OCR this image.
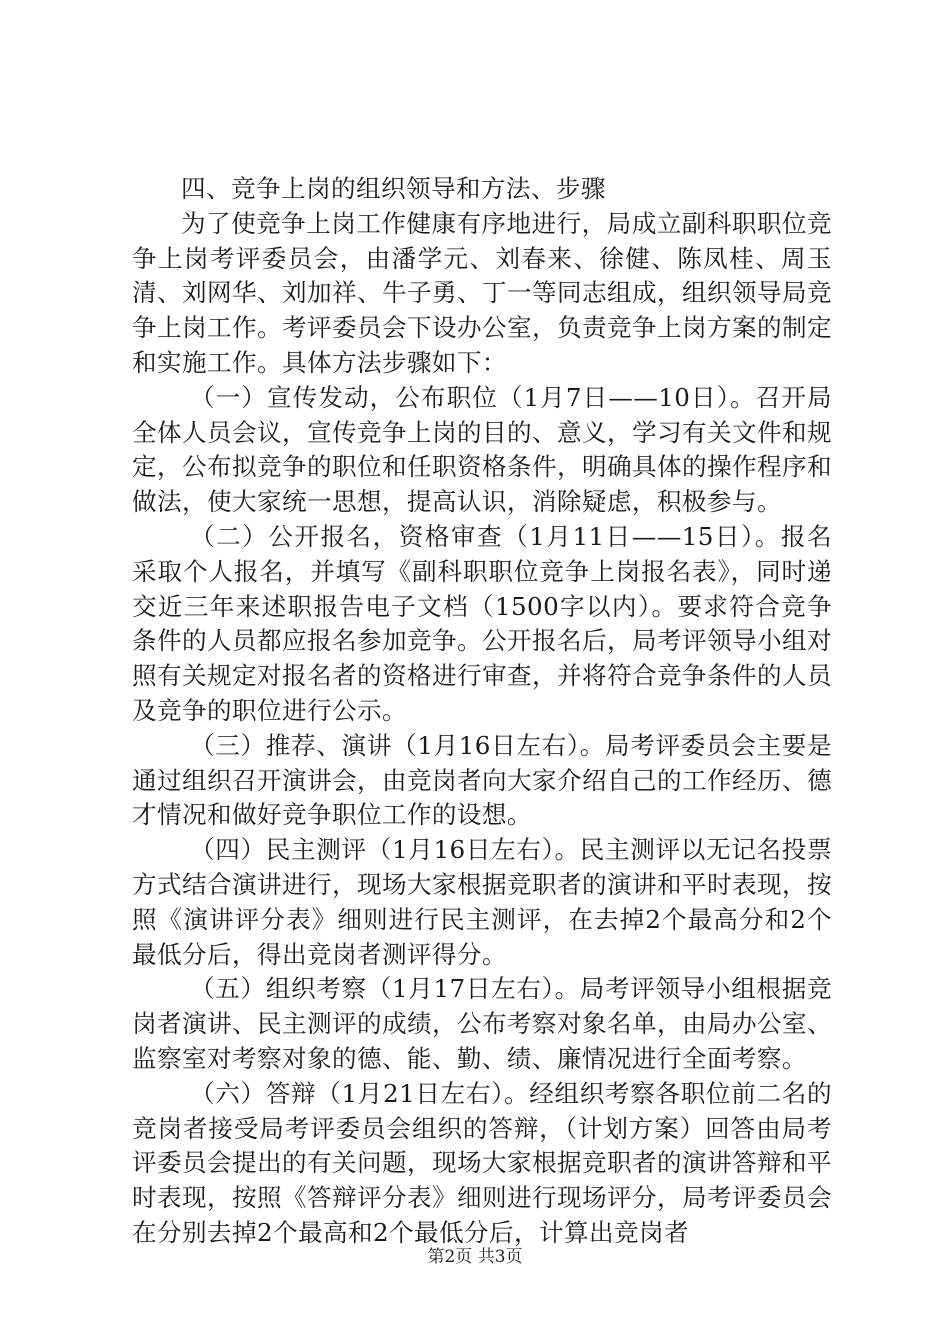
四、竞争上岗的组织领导和方法、步骤

为了使竞争上岗工作健康有序地进行，局成立副科职职位竞争上岗考评委员会，由潘学元、刘春来、徐健、陈凤桂、周玉清、刘网华、刘加祥、牛子勇、丁一等同志组成，组织领导局竞争上岗工作。考评委员会下设办公室，负责竞争上岗方案的制定和实施工作。具体方法步骤如下：

（一）宣传发动，公布职位（1月7日——10日）。召开局全体人员会议，宣传竞争上岗的目的、意义，学习有关文件和规定，公布拟竞争的职位和任职资格条件，明确具体的操作程序和做法，使大家统一思想，提高认识，消除疑虑，积极参与。

（二）公开报名，资格审查（1月11日——15日）。报名采取个人报名，并填写《副科职职位竞争上岗报名表》，同时递交近三年来述职报告电子文档（1500字以内）。要求符合竞争条件的人员都应报名参加竞争。公开报名后，局考评领导小组对照有关规定对报名者的资格进行审查，并将符合竞争条件的人员及竞争的职位进行公示。

（三）推荐、演讲（1月16日左右）。局考评委员会主要是通过组织召开演讲会，由竞岗者向大家介绍自己的工作经历、德才情况和做好竞争职位工作的设想。

（四）民主测评（1月16日左右）。民主测评以无记名投票方式结合演讲进行，现场大家根据竞职者的演讲和平时表现，按照《演讲评分表》细则进行民主测评，在去掉2个最高分和2个最低分后，得出竞岗者测评得分。

（五）组织考察（1月17日左右）。局考评领导小组根据竞岗者演讲、民主测评的成绩，公布考察对象名单，由局办公室、监察室对考察对象的德、能、勤、绩、廉情况进行全面考察。

（六）答辩（1月21日左右）。经组织考察各职位前二名的竞岗者接受局考评委员会组织的答辩，（计划方案）回答由局考评委员会提出的有关问题，现场大家根据竞职者的演讲答辩和平时表现，按照《答辩评分表》细则进行现场评分，局考评委员会在分别去掉2个最高和2个最低分后，计算出竞岗者

第2页 共3页
